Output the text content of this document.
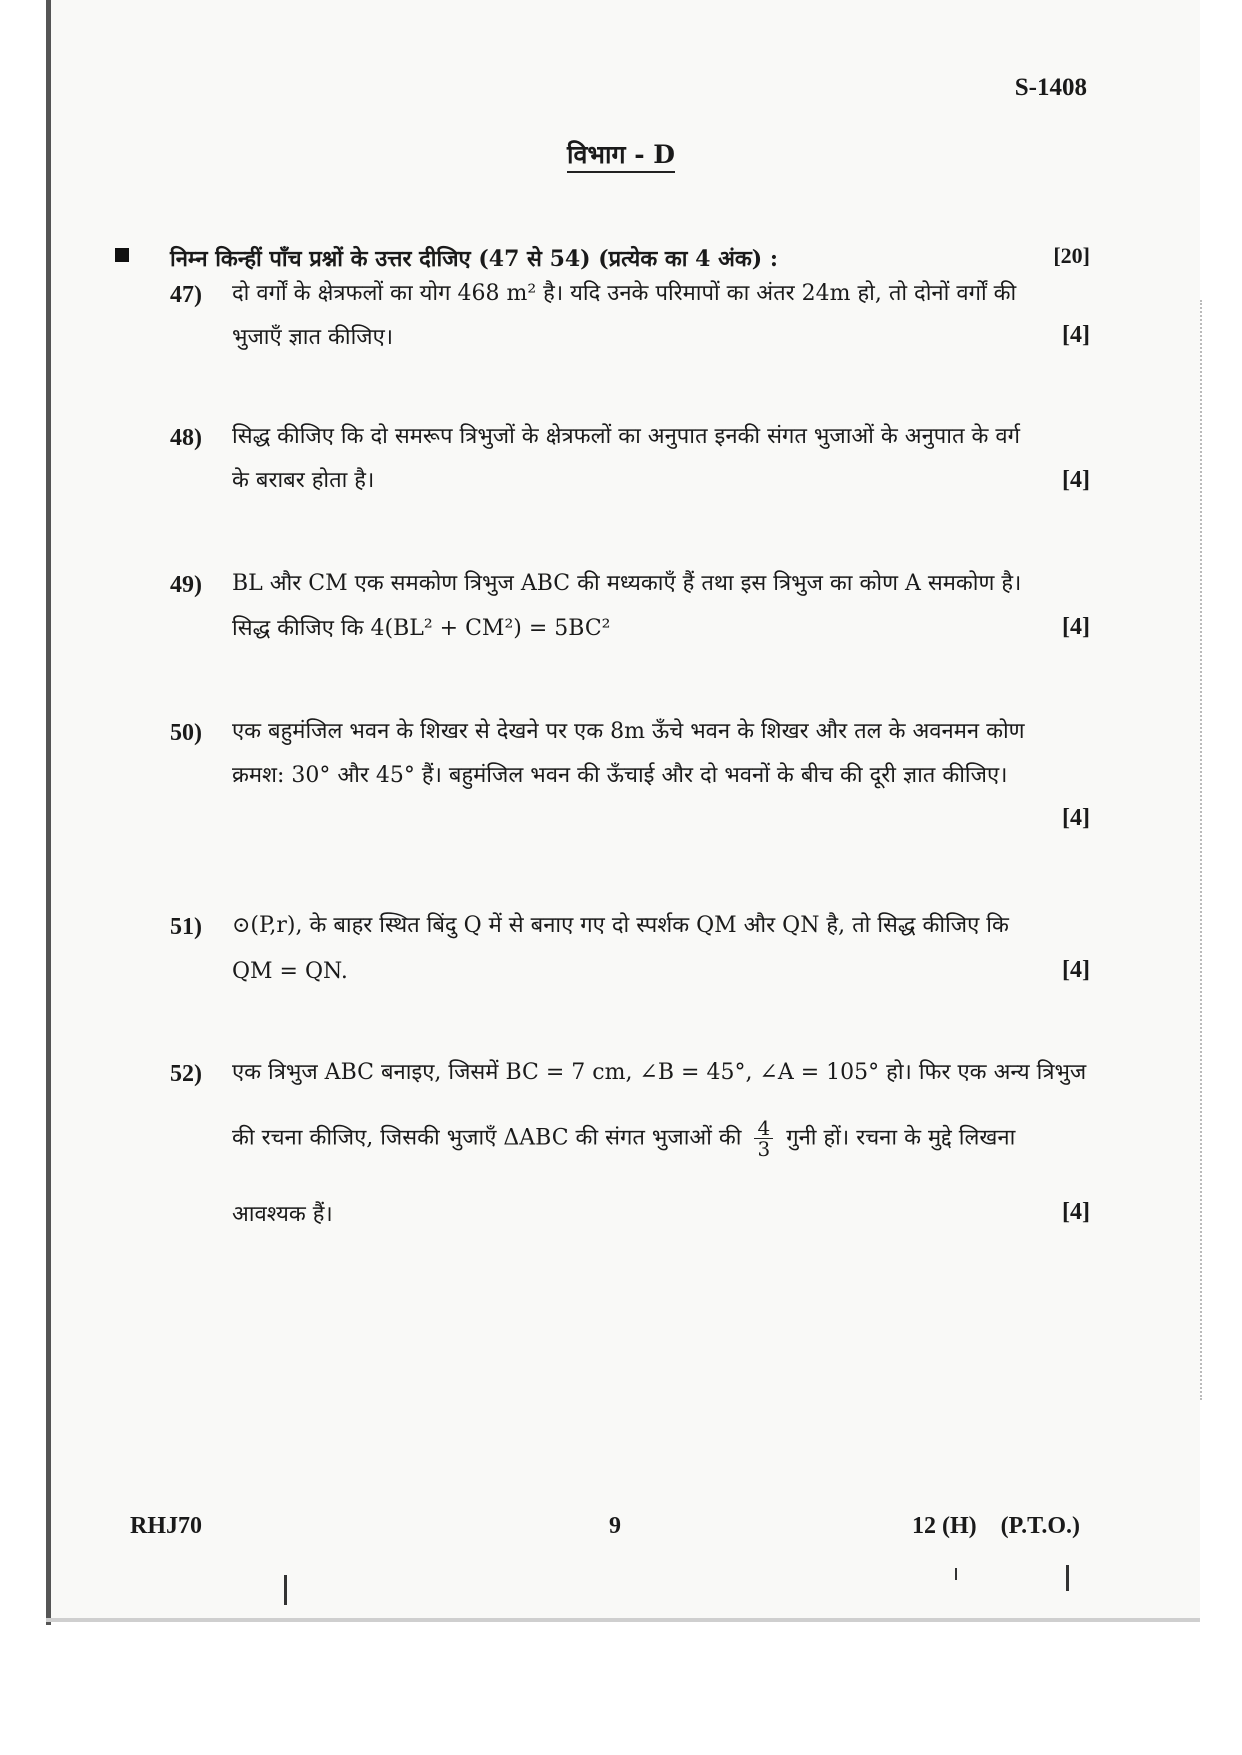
S-1408
विभाग - D
निम्न किन्हीं पाँच प्रश्नों के उत्तर दीजिए (47 से 54) (प्रत्येक का 4 अंक) :	[20]
47) दो वर्गों के क्षेत्रफलों का योग 468 m² है। यदि उनके परिमापों का अंतर 24m हो, तो दोनों वर्गों की
भुजाएँ ज्ञात कीजिए।	[4]
48) सिद्ध कीजिए कि दो समरूप त्रिभुजों के क्षेत्रफलों का अनुपात इनकी संगत भुजाओं के अनुपात के वर्ग
के बराबर होता है।	[4]
49) BL और CM एक समकोण त्रिभुज ABC की मध्यकाएँ हैं तथा इस त्रिभुज का कोण A समकोण है।
सिद्ध कीजिए कि 4(BL² + CM²) = 5BC²	[4]
50) एक बहुमंजिल भवन के शिखर से देखने पर एक 8m ऊँचे भवन के शिखर और तल के अवनमन कोण
क्रमश: 30° और 45° हैं। बहुमंजिल भवन की ऊँचाई और दो भवनों के बीच की दूरी ज्ञात कीजिए।
[4]
51) ⊙(P,r), के बाहर स्थित बिंदु Q में से बनाए गए दो स्पर्शक QM और QN है, तो सिद्ध कीजिए कि
QM = QN.	[4]
52) एक त्रिभुज ABC बनाइए, जिसमें BC = 7 cm, ∠B = 45°, ∠A = 105° हो। फिर एक अन्य त्रिभुज
की रचना कीजिए, जिसकी भुजाएँ ΔABC की संगत भुजाओं की $\frac{4}{3}$ गुनी हों। रचना के मुद्दे लिखना
आवश्यक हैं।	[4]
RHJ70	9	12 (H)    (P.T.O.)
